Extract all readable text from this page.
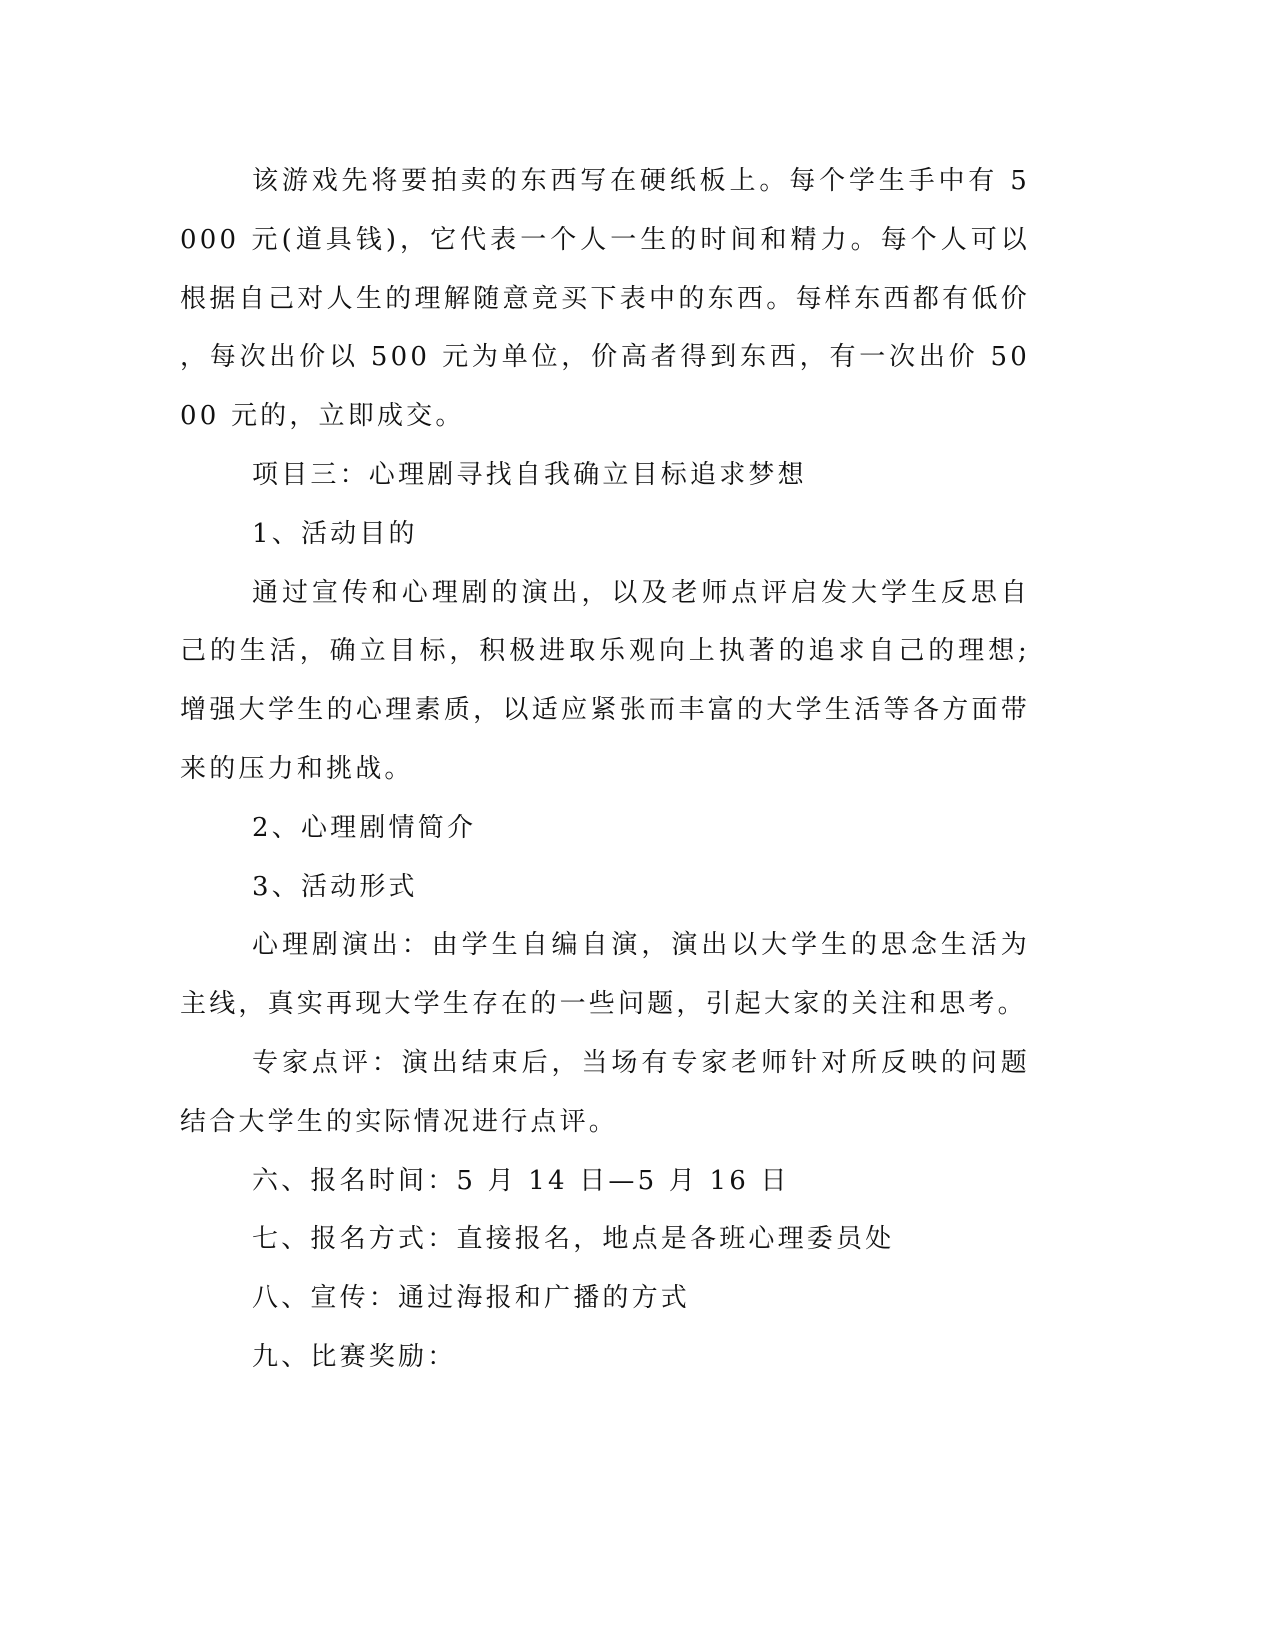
该游戏先将要拍卖的东西写在硬纸板上。每个学生手中有 5000 元(道具钱)，它代表一个人一生的时间和精力。每个人可以根据自己对人生的理解随意竞买下表中的东西。每样东西都有低价，每次出价以 500 元为单位，价高者得到东西，有一次出价 5000 元的，立即成交。

项目三：心理剧寻找自我确立目标追求梦想

1、活动目的

通过宣传和心理剧的演出，以及老师点评启发大学生反思自己的生活，确立目标，积极进取乐观向上执著的追求自己的理想;增强大学生的心理素质，以适应紧张而丰富的大学生活等各方面带来的压力和挑战。

2、心理剧情简介

3、活动形式

心理剧演出：由学生自编自演，演出以大学生的思念生活为主线，真实再现大学生存在的一些问题，引起大家的关注和思考。

专家点评：演出结束后，当场有专家老师针对所反映的问题结合大学生的实际情况进行点评。

六、报名时间：5 月 14 日—5 月 16 日

七、报名方式：直接报名，地点是各班心理委员处

八、宣传：通过海报和广播的方式

九、比赛奖励：
